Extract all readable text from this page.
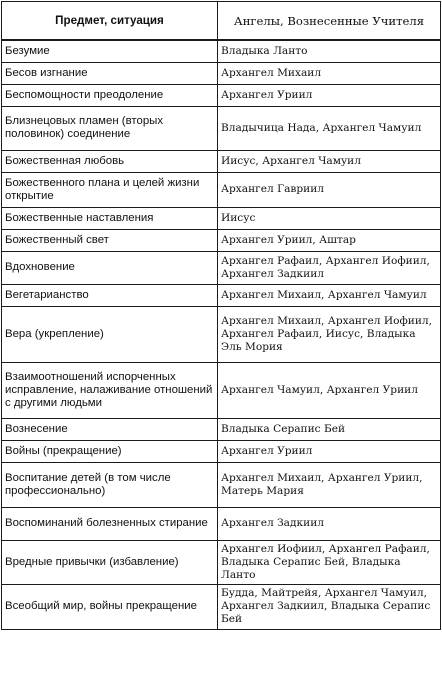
Предмет, ситуация	Ангелы, Вознесенные Учителя
Безумие	Владыка Ланто
Бесов изгнание	Архангел Михаил
Беспомощности преодоление	Архангел Уриил
Близнецовых пламен (вторых половинок) соединение	Владычица Нада, Архангел Чамуил
Божественная любовь	Иисус, Архангел Чамуил
Божественного плана и целей жизни открытие	Архангел Гавриил
Божественные наставления	Иисус
Божественный свет	Архангел Уриил, Аштар
Вдохновение	Архангел Рафаил, Архангел Иофиил, Архангел Задкиил
Вегетарианство	Архангел Михаил, Архангел Чамуил
Вера (укрепление)	Архангел Михаил, Архангел Иофиил, Архангел Рафаил, Иисус, Владыка Эль Мория
Взаимоотношений испорченных исправление, налаживание отношений с другими людьми	Архангел Чамуил, Архангел Уриил
Вознесение	Владыка Серапис Бей
Войны (прекращение)	Архангел Уриил
Воспитание детей (в том числе профессионально)	Архангел Михаил, Архангел Уриил, Матерь Мария
Воспоминаний болезненных стирание	Архангел Задкиил
Вредные привычки (избавление)	Архангел Иофиил, Архангел Рафаил, Владыка Серапис Бей, Владыка Ланто
Всеобщий мир, войны прекращение	Будда, Майтрейя, Архангел Чамуил, Архангел Задкиил, Владыка Серапис Бей
